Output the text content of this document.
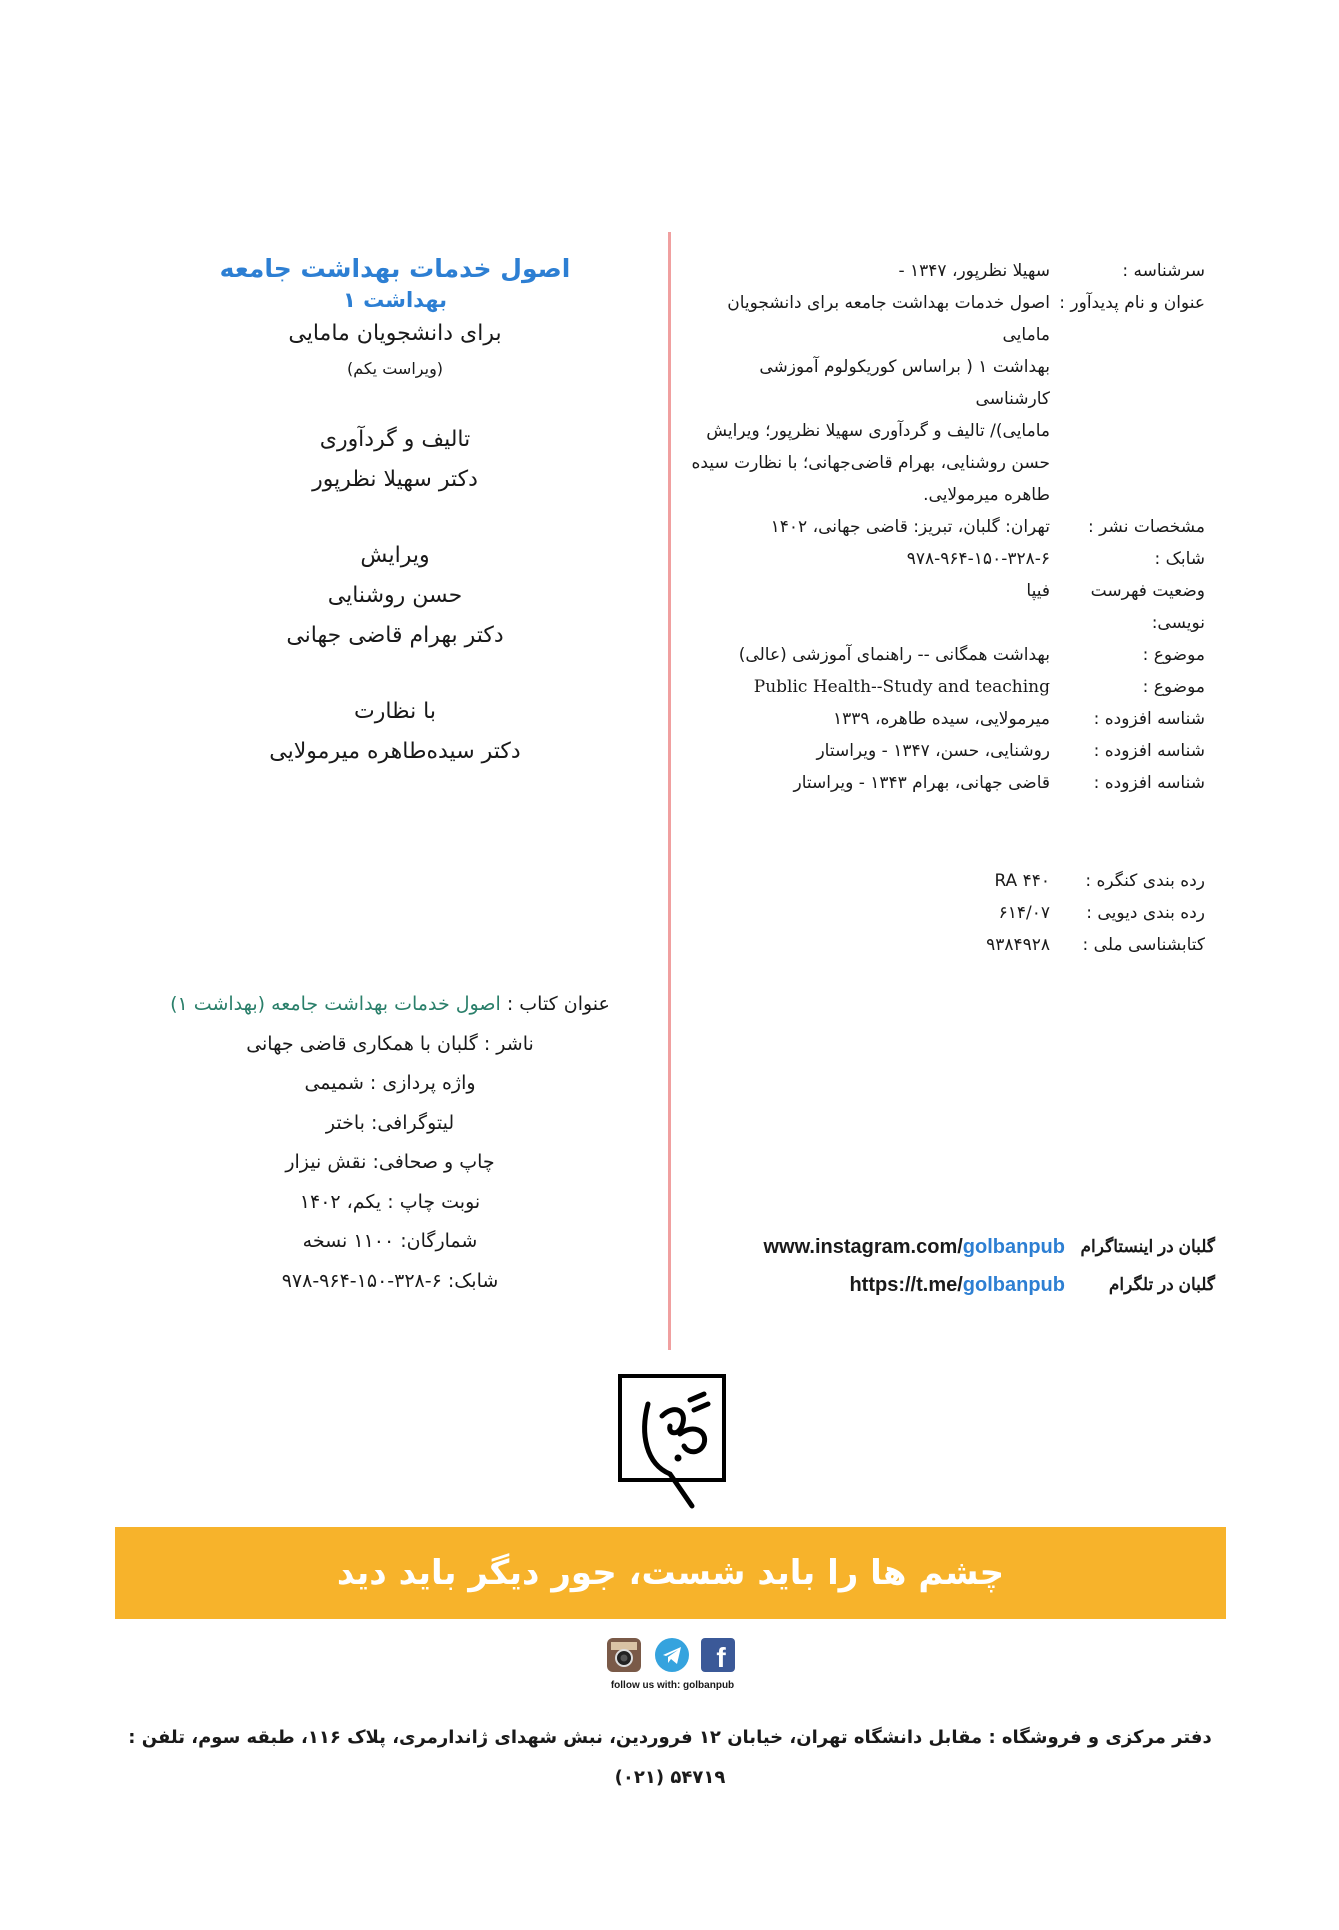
سرشناسه :
سهیلا نظرپور، ۱۳۴۷ -
عنوان و نام پدیدآور :
اصول خدمات بهداشت جامعه برای دانشجویان مامایی
بهداشت ۱ ( براساس کوریکولوم آموزشی کارشناسی
مامایی)/ تالیف و گردآوری سهیلا نظرپور؛ ویرایش
حسن روشنایی، بهرام قاضی‌جهانی؛ با نظارت سیده
طاهره میرمولایی.
مشخصات نشر :
تهران: گلبان، تبریز: قاضی جهانی، ۱۴۰۲
شابک :
۹۷۸-۹۶۴-۱۵۰-۳۲۸-۶
وضعیت فهرست نویسی:
فیپا
موضوع :
بهداشت همگانی -- راهنمای آموزشی (عالی)
موضوع :
Public Health--Study and teaching
شناسه افزوده :
میرمولایی، سیده طاهره، ۱۳۳۹
شناسه افزوده :
روشنایی، حسن، ۱۳۴۷ - ویراستار
شناسه افزوده :
قاضی جهانی، بهرام ۱۳۴۳ - ویراستار
رده بندی کنگره :
RA ۴۴۰
رده بندی دیویی :
۶۱۴/۰۷
کتابشناسی ملی :
۹۳۸۴۹۲۸
اصول خدمات بهداشت جامعه
بهداشت ۱
برای دانشجویان مامایی
(ویراست یکم)
تالیف و گردآوری
دکتر سهیلا نظرپور
ویرایش
حسن روشنایی
دکتر بهرام قاضی جهانی
با نظارت
دکتر سیده‌طاهره میرمولایی
عنوان کتاب : اصول خدمات بهداشت جامعه (بهداشت ۱)
ناشر : گلبان با همکاری قاضی جهانی
واژه پردازی : شمیمی
لیتوگرافی: باختر
چاپ و صحافی: نقش نیزار
نوبت چاپ : یکم، ۱۴۰۲
شمارگان: ۱۱۰۰ نسخه
شابک: ۶-۳۲۸-۱۵۰-۹۶۴-۹۷۸
گلبان در اینستاگرام
www.instagram.com/golbanpub
گلبان در تلگرام
https://t.me/golbanpub
چشم ها را باید شست، جور دیگر باید دید
f
follow us with: golbanpub
دفتر مرکزی و فروشگاه : مقابل دانشگاه تهران، خیابان ۱۲ فروردین، نبش شهدای ژاندارمری، پلاک ۱۱۶، طبقه سوم، تلفن : ۵۴۷۱۹ (۰۲۱)
